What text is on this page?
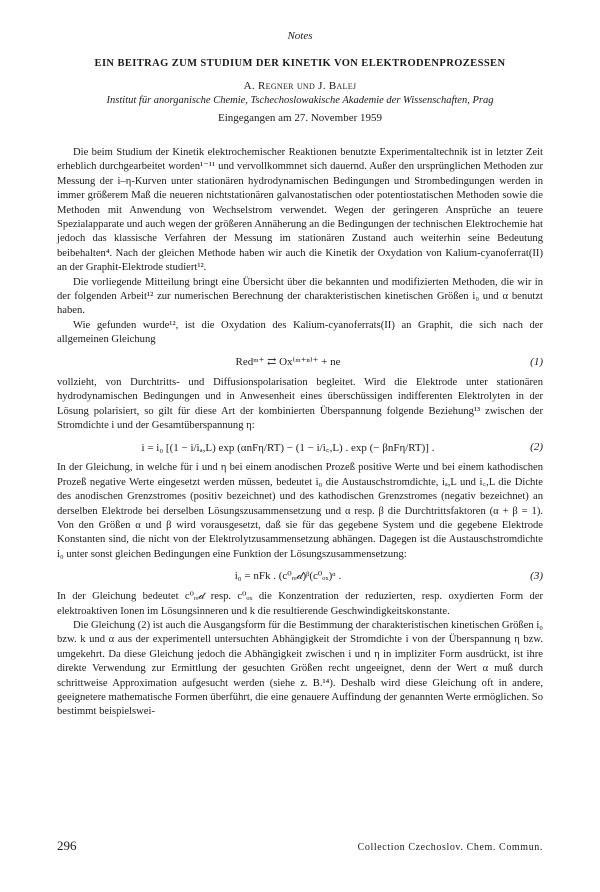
Notes
EIN BEITRAG ZUM STUDIUM DER KINETIK VON ELEKTRODENPROZESSEN
A. Regner und J. Balej
Institut für anorganische Chemie, Tschechoslowakische Akademie der Wissenschaften, Prag
Eingegangen am 27. November 1959

Die beim Studium der Kinetik elektrochemischer Reaktionen benutzte Experimentaltechnik ist in letzter Zeit erheblich durchgearbeitet worden¹⁻¹¹ und vervollkommnet sich dauernd. Außer den ursprünglichen Methoden zur Messung der i–η-Kurven unter stationären hydrodynamischen Bedingungen und Strombedingungen werden in immer größerem Maß die neueren nichtstationären galvanostatischen oder potentiostatischen Methoden sowie die Methoden mit Anwendung von Wechselstrom verwendet. Wegen der geringeren Ansprüche an teuere Spezialapparate und auch wegen der größeren Annäherung an die Bedingungen der technischen Elektrochemie hat jedoch das klassische Verfahren der Messung im stationären Zustand auch weiterhin seine Bedeutung beibehalten⁴. Nach der gleichen Methode haben wir auch die Kinetik der Oxydation von Kalium-cyanoferrat(II) an der Graphit-Elektrode studiert¹².

Die vorliegende Mitteilung bringt eine Übersicht über die bekannten und modifizierten Methoden, die wir in der folgenden Arbeit¹² zur numerischen Berechnung der charakteristischen kinetischen Größen i₀ und α benutzt haben.

Wie gefunden wurde¹², ist die Oxydation des Kalium-cyanoferrats(II) an Graphit, die sich nach der allgemeinen Gleichung

Redᵐ⁺ ⇄ Ox⁽ᵐ⁺ⁿ⁾⁺ + ne	(1)

vollzieht, von Durchtritts- und Diffusionspolarisation begleitet. Wird die Elektrode unter stationären hydrodynamischen Bedingungen und in Anwesenheit eines überschüssigen indifferenten Elektrolyten in der Lösung polarisiert, so gilt für diese Art der kombinierten Überspannung folgende Beziehung¹³ zwischen der Stromdichte i und der Gesamtüberspannung η:

i = i₀ [(1 − i/iₐ,L) exp (αnFη/RT) − (1 − i/i꜀,L) . exp (− βnFη/RT)] .	(2)

In der Gleichung, in welche für i und η bei einem anodischen Prozeß positive Werte und bei einem kathodischen Prozeß negative Werte eingesetzt werden müssen, bedeutet i₀ die Austauschstromdichte, iₐ,L und i꜀,L die Dichte des anodischen Grenzstromes (positiv bezeichnet) und des kathodischen Grenzstromes (negativ bezeichnet) an derselben Elektrode bei derselben Lösungszusammensetzung und α resp. β die Durchtrittsfaktoren (α + β = 1). Von den Größen α und β wird vorausgesetzt, daß sie für das gegebene System und die gegebene Elektrode Konstanten sind, die nicht von der Elektrolytzusammensetzung abhängen. Dagegen ist die Austauschstromdichte i₀ unter sonst gleichen Bedingungen eine Funktion der Lösungszusammensetzung:

i₀ = nFk . (c⁰ᵣₑ𝒹)ᵝ(c⁰ₒₓ)ᵅ .	(3)

In der Gleichung bedeutet c⁰ᵣₑ𝒹 resp. c⁰ₒₓ die Konzentration der reduzierten, resp. oxydierten Form der elektroaktiven Ionen im Lösungsinneren und k die resultierende Geschwindigkeitskonstante.

Die Gleichung (2) ist auch die Ausgangsform für die Bestimmung der charakteristischen kinetischen Größen i₀ bzw. k und α aus der experimentell untersuchten Abhängigkeit der Stromdichte i von der Überspannung η bzw. umgekehrt. Da diese Gleichung jedoch die Abhängigkeit zwischen i und η in impliziter Form ausdrückt, ist ihre direkte Verwendung zur Ermittlung der gesuchten Größen recht ungeeignet, denn der Wert α muß durch schrittweise Approximation aufgesucht werden (siehe z. B.¹⁴). Deshalb wird diese Gleichung oft in andere, geeignetere mathematische Formen überführt, die eine genauere Auffindung der genannten Werte ermöglichen. So bestimmt beispielswei-

296	Collection Czechoslov. Chem. Commun.
